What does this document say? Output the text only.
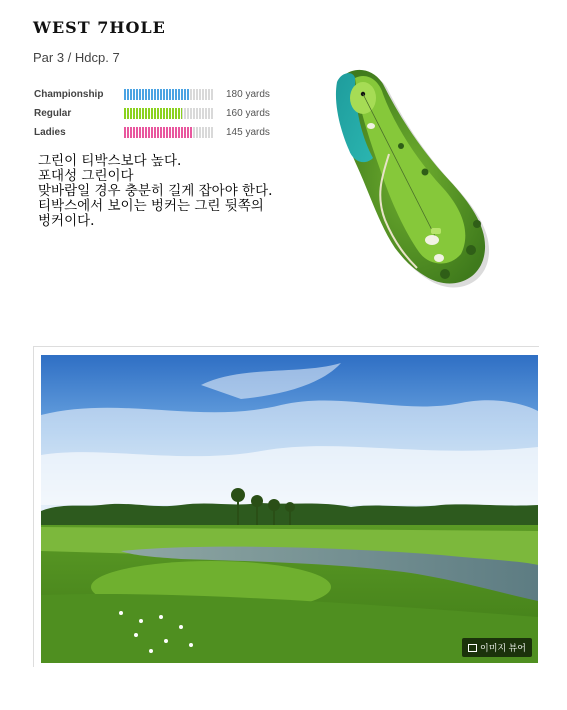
WEST 7HOLE
Par 3 / Hdcp. 7
Championship	180 yards
Regular	160 yards
Ladies	145 yards
그린이 티박스보다 높다.
포대성 그린이다
맞바람일 경우 충분히 길게 잡아야 한다.
티박스에서 보이는 벙커는 그린 뒷쪽의
벙커이다.
이미지 뷰어
